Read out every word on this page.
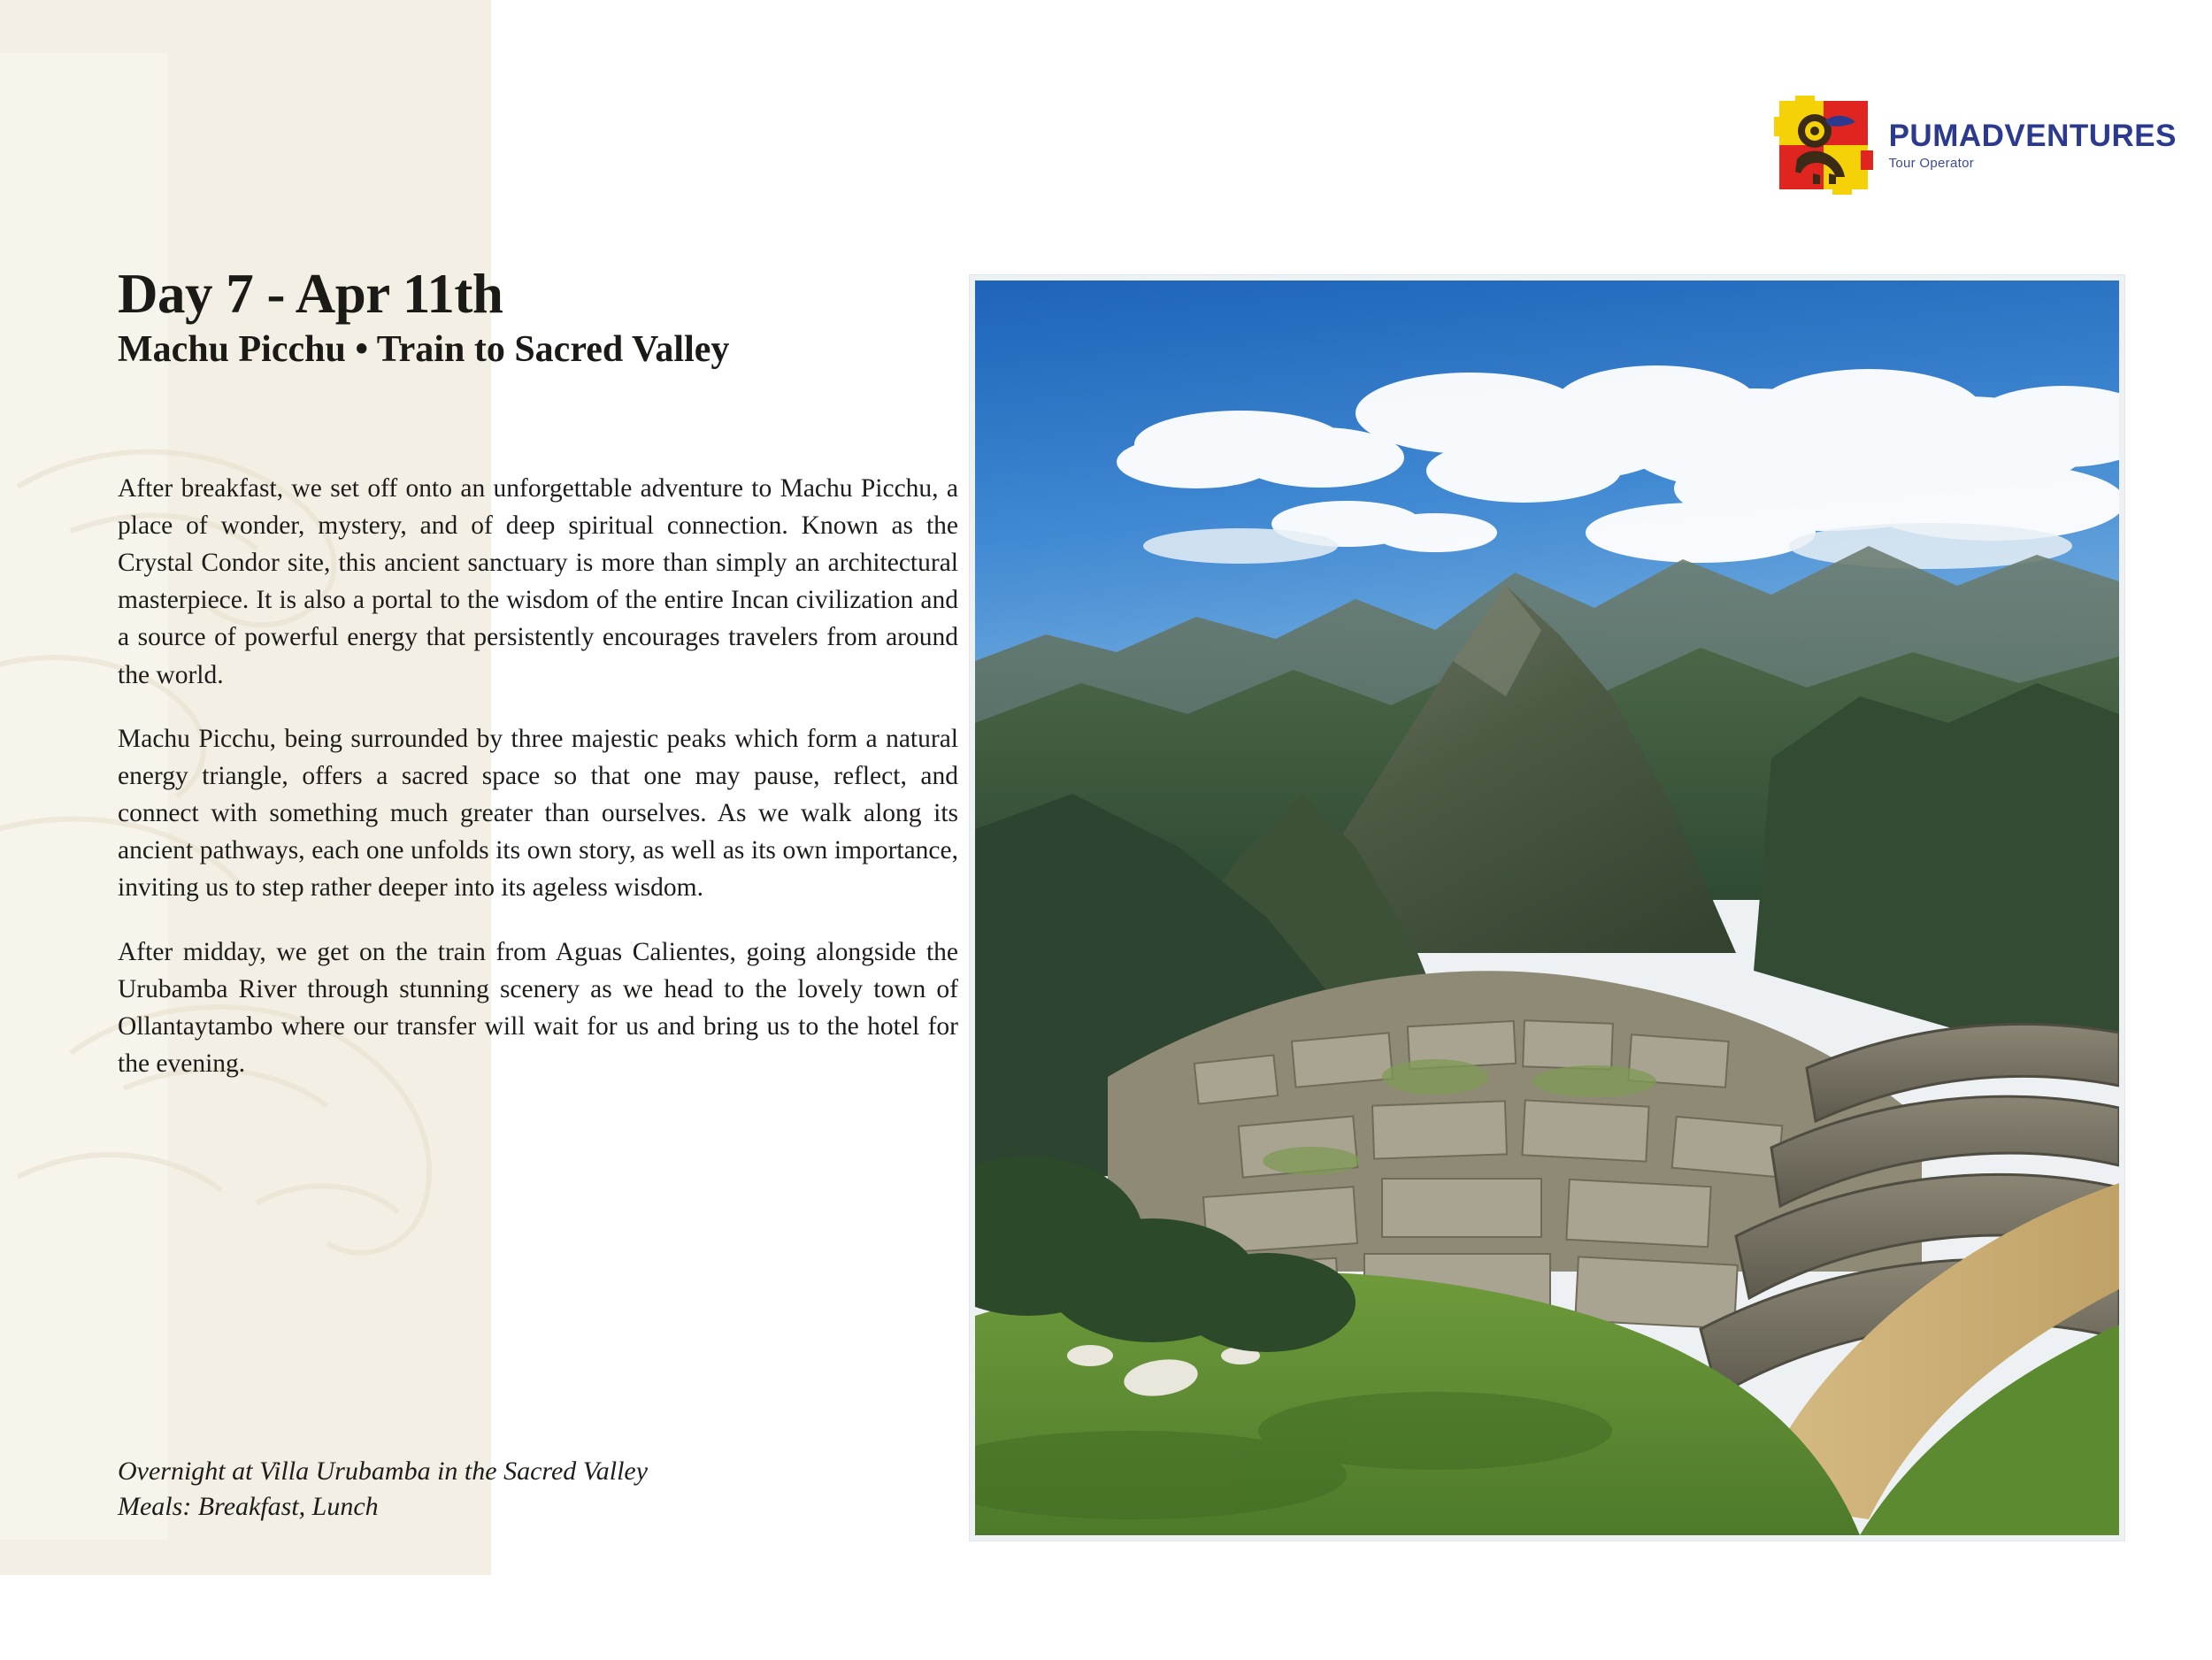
PUMADVENTURES
Tour Operator
Day 7 - Apr 11th
Machu Picchu • Train to Sacred Valley

After breakfast, we set off onto an unforgettable adventure to Machu Picchu, a place of wonder, mystery, and of deep spiritual connection. Known as the Crystal Condor site, this ancient sanctuary is more than simply an architectural masterpiece. It is also a portal to the wisdom of the entire Incan civilization and a source of powerful energy that persistently encourages travelers from around the world.

Machu Picchu, being surrounded by three majestic peaks which form a natural energy triangle, offers a sacred space so that one may pause, reflect, and connect with something much greater than ourselves. As we walk along its ancient pathways, each one unfolds its own story, as well as its own importance, inviting us to step rather deeper into its ageless wisdom.

After midday, we get on the train from Aguas Calientes, going alongside the Urubamba River through stunning scenery as we head to the lovely town of Ollantaytambo where our transfer will wait for us and bring us to the hotel for the evening.

Overnight at Villa Urubamba in the Sacred Valley
Meals: Breakfast, Lunch
